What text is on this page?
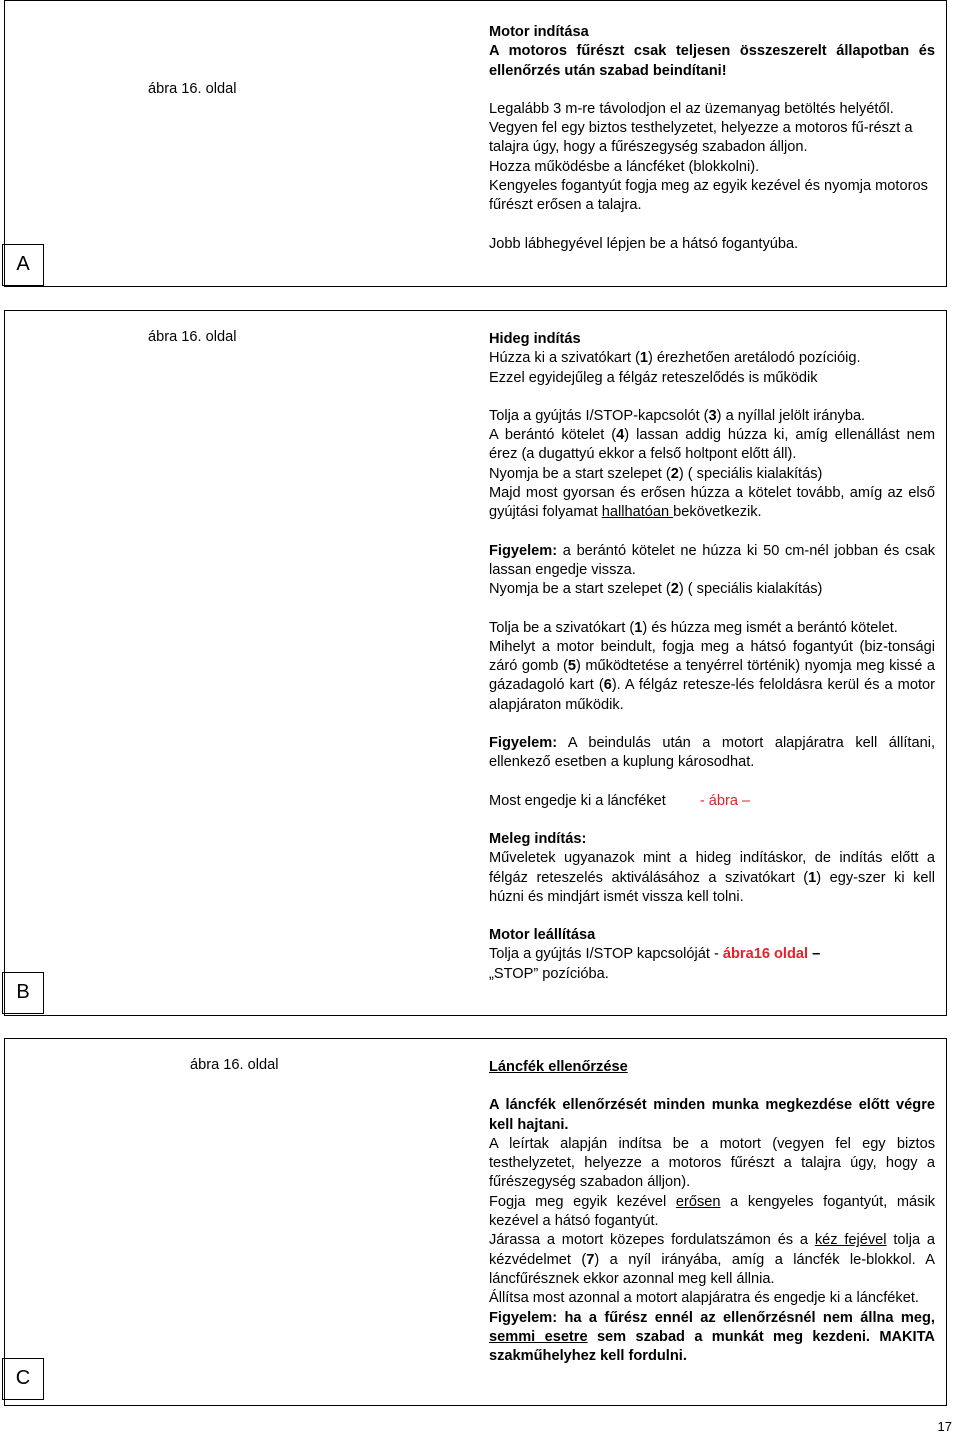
A
ábra 16. oldal

Motor indítása

A motoros fűrészt csak teljesen összeszerelt állapotban és ellenőrzés után szabad beindítani!

Legalább 3 m-re távolodjon el az üzemanyag betöltés helyétől.

Vegyen fel egy biztos testhelyzetet, helyezze a motoros fű-részt a talajra úgy, hogy a fűrészegység szabadon álljon.

Hozza működésbe a láncféket (blokkolni).

Kengyeles fogantyút fogja meg az egyik kezével és nyomja motoros fűrészt erősen a talajra.

Jobb lábhegyével lépjen be a hátsó fogantyúba.

B
ábra 16. oldal	Hideg indítás

Húzza ki a szivatókart (1) érezhetően aretálodó pozícióig.

Ezzel egyidejűleg a félgáz reteszelődés is működik

Tolja a gyújtás I/STOP-kapcsolót (3) a nyíllal jelölt irányba.

A berántó kötelet (4) lassan addig húzza ki, amíg ellenállást nem érez (a dugattyú ekkor a felső holtpont előtt áll).

Nyomja be a start szelepet (2) ( speciális kialakítás)

Majd most gyorsan és erősen húzza a kötelet tovább, amíg az első gyújtási folyamat hallhatóan bekövetkezik.

Figyelem: a berántó kötelet ne húzza ki 50 cm-nél jobban és csak lassan engedje vissza.

Nyomja be a start szelepet (2) ( speciális kialakítás)

Tolja be a szivatókart (1) és húzza meg ismét a berántó kötelet.

Mihelyt a motor beindult, fogja meg a hátsó fogantyút (biz-tonsági záró gomb (5) működtetése a tenyérrel történik) nyomja meg kissé a gázadagoló kart (6). A félgáz retesze-lés feloldásra kerül és a motor alapjáraton működik.

Figyelem: A beindulás után a motort alapjáratra kell állítani, ellenkező esetben a kuplung károsodhat.

Most engedje ki a láncféket - ábra –

Meleg indítás:

Műveletek ugyanazok mint a hideg indításkor, de indítás előtt a félgáz reteszelés aktiválásához a szivatókart (1) egy-szer ki kell húzni és mindjárt ismét vissza kell tolni.

Motor leállítása

Tolja a gyújtás I/STOP kapcsolóját - ábra16 oldal –

„STOP” pozícióba.

C
ábra 16. oldal	Láncfék ellenőrzése

A láncfék ellenőrzését minden munka megkezdése előtt végre kell hajtani.

A leírtak alapján indítsa be a motort (vegyen fel egy biztos testhelyzetet, helyezze a motoros fűrészt a talajra úgy, hogy a fűrészegység szabadon álljon).

Fogja meg egyik kezével erősen a kengyeles fogantyút, másik kezével a hátsó fogantyút.

Járassa a motort közepes fordulatszámon és a kéz fejével tolja a kézvédelmet (7) a nyíl irányába, amíg a láncfék le-blokkol. A láncfűrésznek ekkor azonnal meg kell állnia.

Állítsa most azonnal a motort alapjáratra és engedje ki a láncféket.

Figyelem: ha a fűrész ennél az ellenőrzésnél nem állna meg, semmi esetre sem szabad a munkát meg kezdeni. MAKITA szakműhelyhez kell fordulni.

17
